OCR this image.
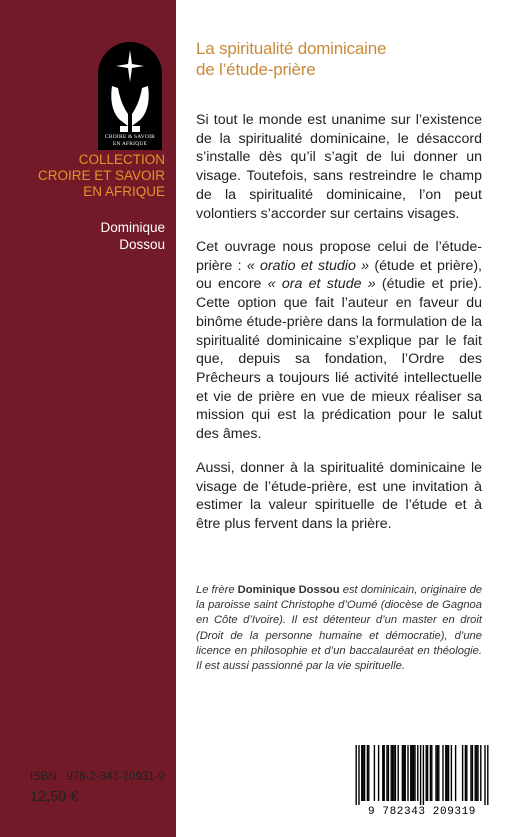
CROIRE & SAVOIR
EN AFRIQUE
COLLECTION
CROIRE ET SAVOIR
EN AFRIQUE
Dominique
Dossou
La spiritualité dominicaine
de l’étude-prière

Si tout le monde est unanime sur l’existence de la spiritualité dominicaine, le désaccord s’installe dès qu’il s’agit de lui donner un visage. Toutefois, sans restreindre le champ de la spiritualité dominicaine, l’on peut volontiers s’accorder sur certains visages.

Cet ouvrage nous propose celui de l’étude-prière : « oratio et studio » (étude et prière), ou encore « ora et stude » (étudie et prie). Cette option que fait l’auteur en faveur du binôme étude-prière dans la formulation de la spiritualité dominicaine s’explique par le fait que, depuis sa fondation, l’Ordre des Prêcheurs a toujours lié activité intellectuelle et vie de prière en vue de mieux réaliser sa mission qui est la prédication pour le salut des âmes.

Aussi, donner à la spiritualité dominicaine le visage de l’étude-prière, est une invitation à estimer la valeur spirituelle de l’étude et à être plus fervent dans la prière.

Le frère Dominique Dossou est dominicain, originaire de la paroisse saint Christophe d’Oumé (diocèse de Gagnoa en Côte d’Ivoire). Il est détenteur d’un master en droit (Droit de la personne humaine et démocratie), d’une licence en philosophie et d’un baccalauréat en théologie. Il est aussi passionné par la vie spirituelle.

ISBN : 978-2-343-20931-9
12,50 €
9 782343 209319
